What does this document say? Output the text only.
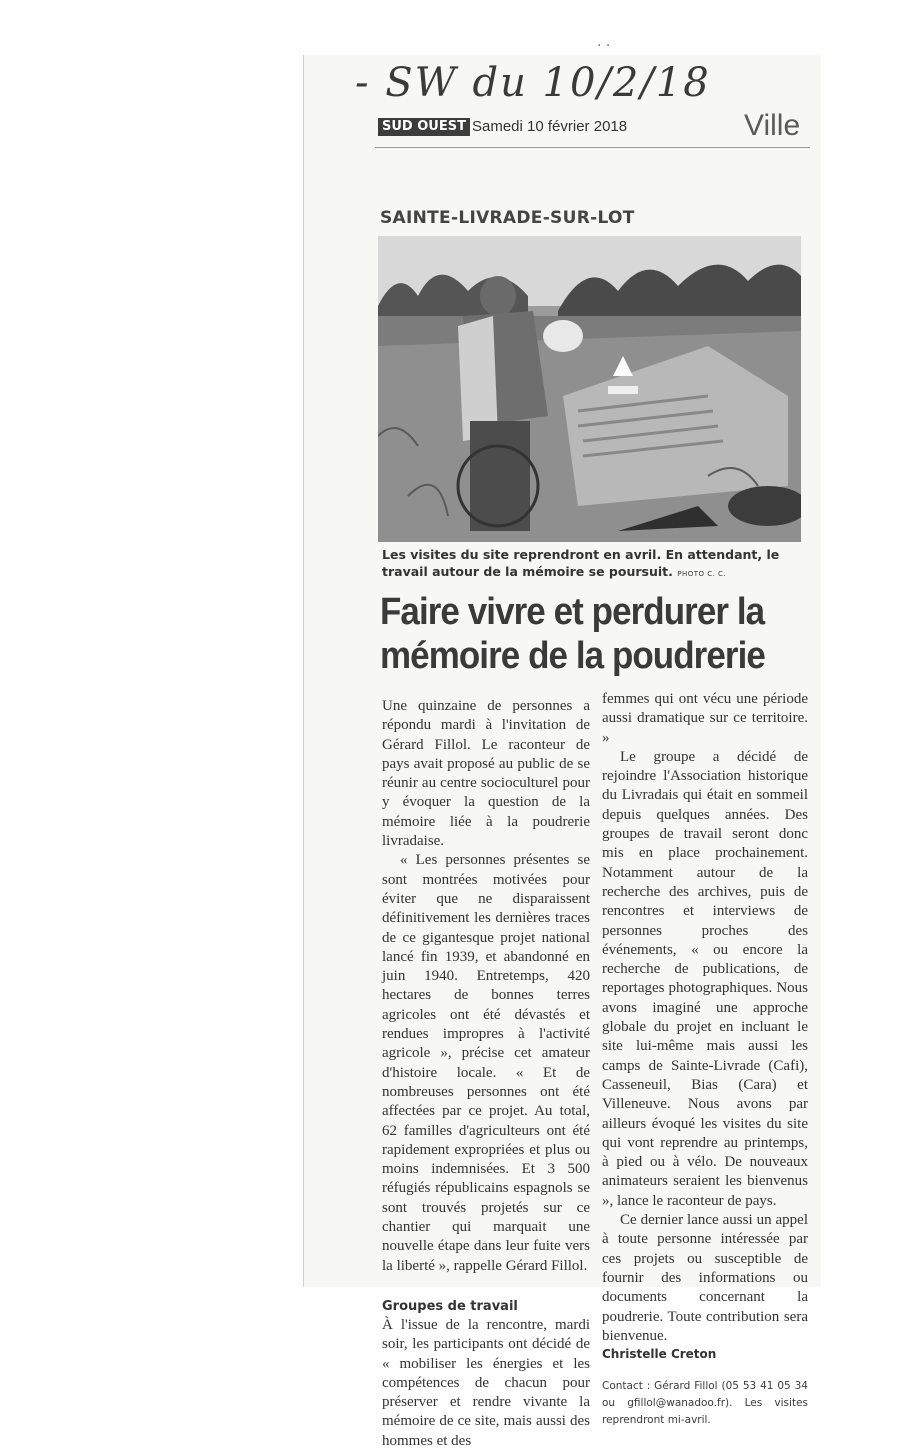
· ·
- SW du 10/2/18
SUD OUEST Samedi 10 février 2018	Ville
SAINTE-LIVRADE-SUR-LOT
Les visites du site reprendront en avril. En attendant, le travail autour de la mémoire se poursuit. PHOTO C. C.
Faire vivre et perdurer la mémoire de la poudrerie

Une quinzaine de personnes a répondu mardi à l'invitation de Gérard Fillol. Le raconteur de pays avait proposé au public de se réunir au centre socioculturel pour y évoquer la question de la mémoire liée à la poudrerie livradaise.

« Les personnes présentes se sont montrées motivées pour éviter que ne disparaissent définitivement les dernières traces de ce gigantesque projet national lancé fin 1939, et abandonné en juin 1940. Entretemps, 420 hectares de bonnes terres agricoles ont été dévastés et rendues impropres à l'activité agricole », précise cet amateur d'histoire locale. « Et de nombreuses personnes ont été affectées par ce projet. Au total, 62 familles d'agriculteurs ont été rapidement expropriées et plus ou moins indemnisées. Et 3 500 réfugiés républicains espagnols se sont trouvés projetés sur ce chantier qui marquait une nouvelle étape dans leur fuite vers la liberté », rappelle Gérard Fillol.

Groupes de travail

À l'issue de la rencontre, mardi soir, les participants ont décidé de « mobiliser les énergies et les compétences de chacun pour préserver et rendre vivante la mémoire de ce site, mais aussi des hommes et des

femmes qui ont vécu une période aussi dramatique sur ce territoire. »

Le groupe a décidé de rejoindre l'Association historique du Livradais qui était en sommeil depuis quelques années. Des groupes de travail seront donc mis en place prochainement. Notamment autour de la recherche des archives, puis de rencontres et interviews de personnes proches des événements, « ou encore la recherche de publications, de reportages photographiques. Nous avons imaginé une approche globale du projet en incluant le site lui-même mais aussi les camps de Sainte-Livrade (Cafi), Casseneuil, Bias (Cara) et Villeneuve. Nous avons par ailleurs évoqué les visites du site qui vont reprendre au printemps, à pied ou à vélo. De nouveaux animateurs seraient les bienvenus », lance le raconteur de pays.

Ce dernier lance aussi un appel à toute personne intéressée par ces projets ou susceptible de fournir des informations ou documents concernant la poudrerie. Toute contribution sera bienvenue.

Christelle Creton

Contact : Gérard Fillol (05 53 41 05 34 ou gfillol@wanadoo.fr). Les visites reprendront mi-avril.
